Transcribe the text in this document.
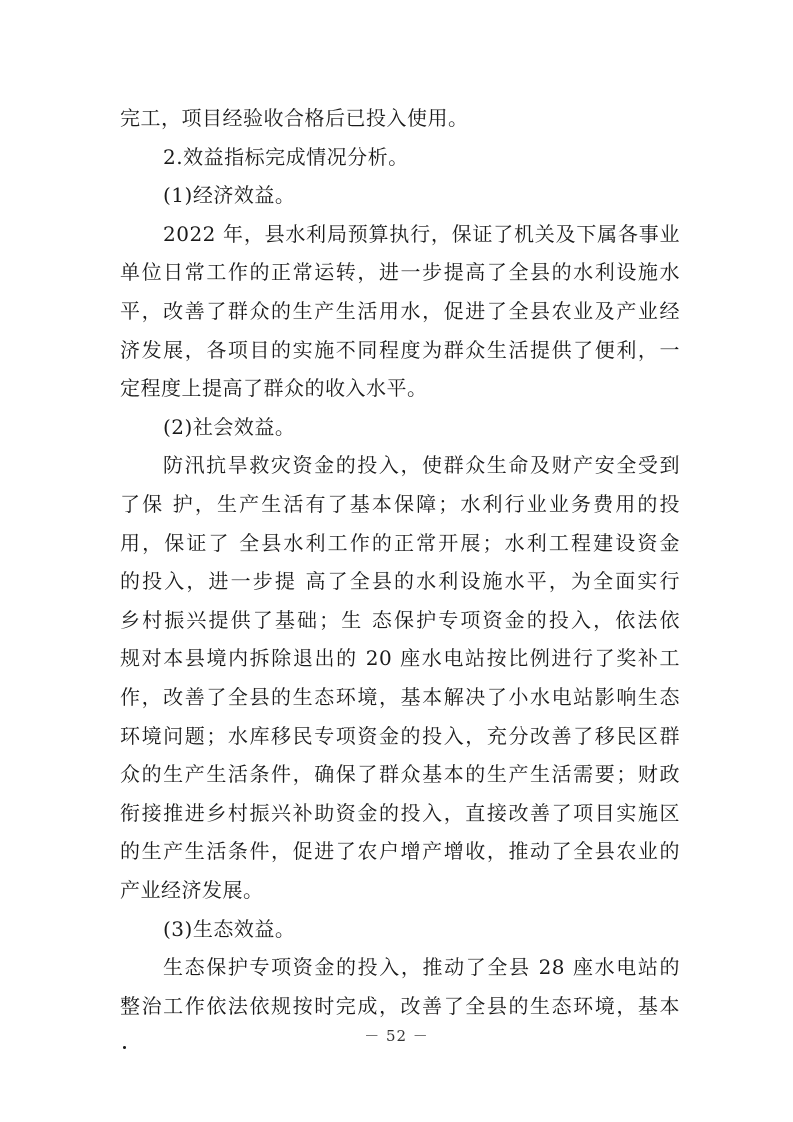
完工，项目经验收合格后已投入使用。
2.效益指标完成情况分析。
(1)经济效益。
2022 年，县水利局预算执行，保证了机关及下属各事业
单位日常工作的正常运转，进一步提高了全县的水利设施水
平，改善了群众的生产生活用水，促进了全县农业及产业经
济发展，各项目的实施不同程度为群众生活提供了便利，一
定程度上提高了群众的收入水平。
(2)社会效益。
防汛抗旱救灾资金的投入，使群众生命及财产安全受到
了保 护，生产生活有了基本保障；水利行业业务费用的投
用，保证了 全县水利工作的正常开展；水利工程建设资金
的投入，进一步提 高了全县的水利设施水平，为全面实行
乡村振兴提供了基础；生 态保护专项资金的投入，依法依
规对本县境内拆除退出的 20 座水电站按比例进行了奖补工
作，改善了全县的生态环境，基本解决了小水电站影响生态
环境问题；水库移民专项资金的投入，充分改善了移民区群
众的生产生活条件，确保了群众基本的生产生活需要；财政
衔接推进乡村振兴补助资金的投入，直接改善了项目实施区
的生产生活条件，促进了农户增产增收，推动了全县农业的
产业经济发展。
(3)生态效益。
生态保护专项资金的投入，推动了全县 28 座水电站的
整治工作依法依规按时完成，改善了全县的生态环境，基本
－ 52 －
